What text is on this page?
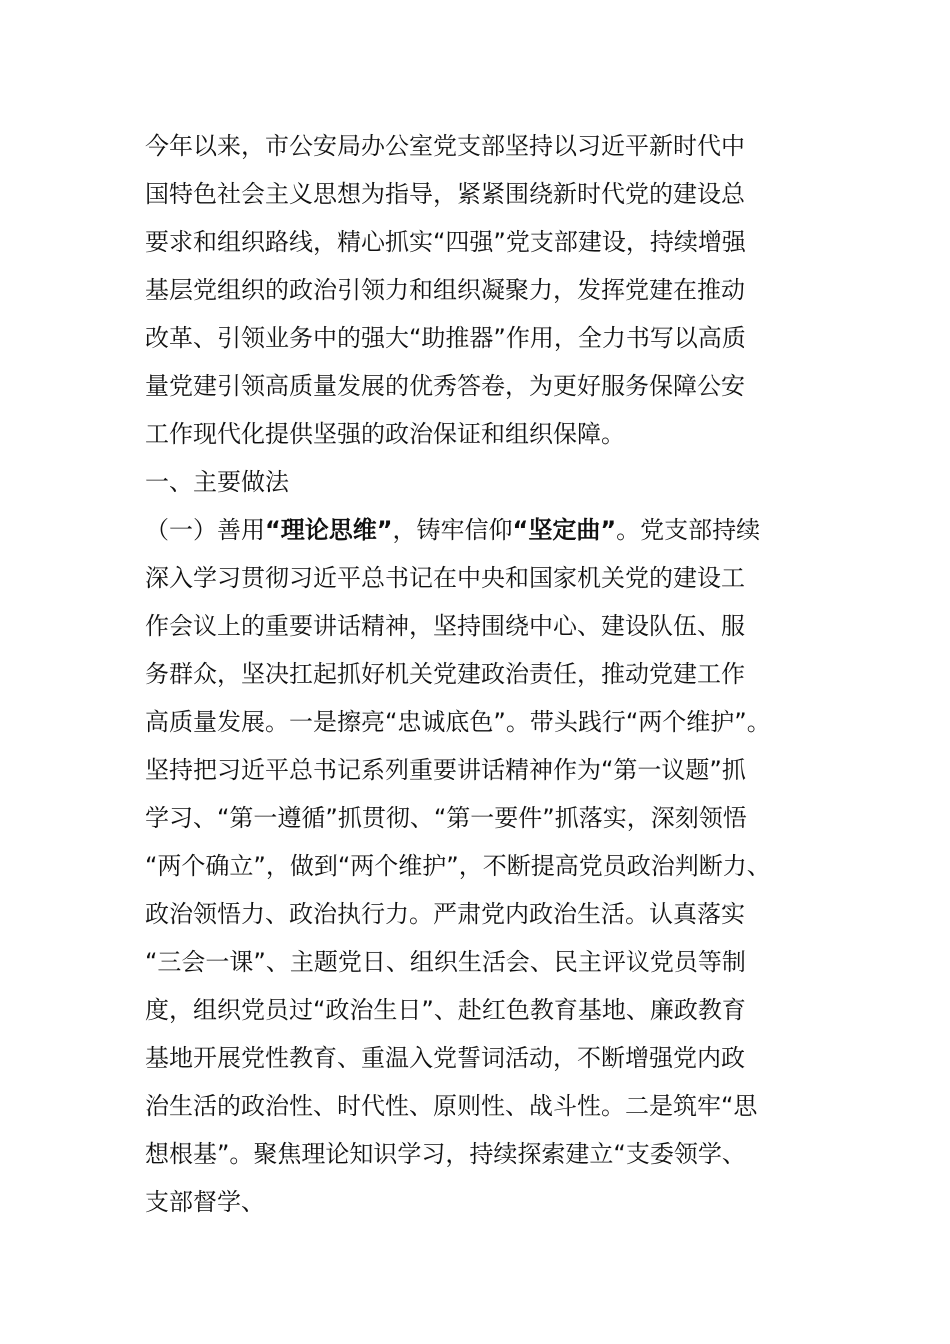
今年以来，市公安局办公室党支部坚持以习近平新时代中
国特色社会主义思想为指导，紧紧围绕新时代党的建设总
要求和组织路线，精心抓实“四强”党支部建设，持续增强
基层党组织的政治引领力和组织凝聚力，发挥党建在推动
改革、引领业务中的强大“助推器”作用，全力书写以高质
量党建引领高质量发展的优秀答卷，为更好服务保障公安
工作现代化提供坚强的政治保证和组织保障。
一、主要做法
（一）善用“理论思维”，铸牢信仰“坚定曲”。党支部持续
深入学习贯彻习近平总书记在中央和国家机关党的建设工
作会议上的重要讲话精神，坚持围绕中心、建设队伍、服
务群众，坚决扛起抓好机关党建政治责任，推动党建工作
高质量发展。一是擦亮“忠诚底色”。带头践行“两个维护”。
坚持把习近平总书记系列重要讲话精神作为“第一议题”抓
学习、“第一遵循”抓贯彻、“第一要件”抓落实，深刻领悟
“两个确立”，做到“两个维护”，不断提高党员政治判断力、
政治领悟力、政治执行力。严肃党内政治生活。认真落实
“三会一课”、主题党日、组织生活会、民主评议党员等制
度，组织党员过“政治生日”、赴红色教育基地、廉政教育
基地开展党性教育、重温入党誓词活动，不断增强党内政
治生活的政治性、时代性、原则性、战斗性。二是筑牢“思
想根基”。聚焦理论知识学习，持续探索建立“支委领学、
支部督学、
